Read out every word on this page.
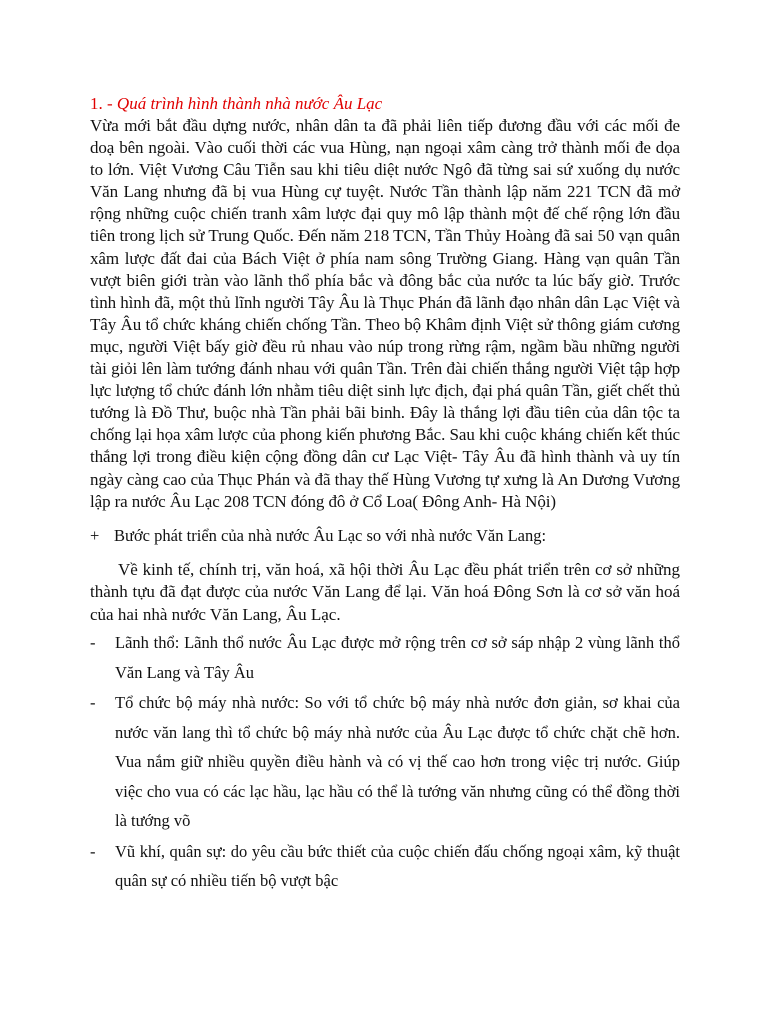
1. - Quá trình hình thành nhà nước Âu Lạc

Vừa mới bắt đầu dựng nước, nhân dân ta đã phải liên tiếp đương đầu với các mối đe doạ bên ngoài. Vào cuối thời các vua Hùng, nạn ngoại xâm càng trở thành mối đe dọa to lớn. Việt Vương Câu Tiễn sau khi tiêu diệt nước Ngô đã từng sai sứ xuống dụ nước Văn Lang nhưng đã bị vua Hùng cự tuyệt. Nước Tần thành lập năm 221 TCN đã mở rộng những cuộc chiến tranh xâm lược đại quy mô lập thành một đế chế rộng lớn đầu tiên trong lịch sử Trung Quốc. Đến năm 218 TCN, Tần Thủy Hoàng đã sai 50 vạn quân xâm lược đất đai của Bách Việt ở phía nam sông Trường Giang. Hàng vạn quân Tần vượt biên giới tràn vào lãnh thổ phía bắc và đông bắc của nước ta lúc bấy giờ. Trước tình hình đã, một thủ lĩnh người Tây Âu là Thục Phán đã lãnh đạo nhân dân Lạc Việt và Tây Âu tổ chức kháng chiến chống Tần. Theo bộ Khâm định Việt sử thông giám cương mục, người Việt bấy giờ đều rủ nhau vào núp trong rừng rậm, ngầm bầu những người tài giỏi lên làm tướng đánh nhau với quân Tần. Trên đài chiến thắng người Việt tập hợp lực lượng tổ chức đánh lớn nhằm tiêu diệt sinh lực địch, đại phá quân Tần, giết chết thủ tướng là Đồ Thư, buộc nhà Tần phải bãi binh. Đây là thắng lợi đầu tiên của dân tộc ta chống lại họa xâm lược của phong kiến phương Bắc. Sau khi cuộc kháng chiến kết thúc thắng lợi trong điều kiện cộng đồng dân cư Lạc Việt- Tây Âu đã hình thành và uy tín ngày càng cao của Thục Phán và đã thay thế Hùng Vương tự xưng là An Dương Vương lập ra nước Âu Lạc 208 TCN đóng đô ở Cổ Loa( Đông Anh- Hà Nội)

+ Bước phát triển của nhà nước Âu Lạc so với nhà nước Văn Lang:

Về kinh tế, chính trị, văn hoá, xã hội thời Âu Lạc đều phát triển trên cơ sở những thành tựu đã đạt được của nước Văn Lang để lại. Văn hoá Đông Sơn là cơ sở văn hoá của hai nhà nước Văn Lang, Âu Lạc.

-	Lãnh thổ: Lãnh thổ nước Âu Lạc được mở rộng trên cơ sở sáp nhập 2 vùng lãnh thổ Văn Lang và Tây Âu
-	Tổ chức bộ máy nhà nước: So với tổ chức bộ máy nhà nước đơn giản, sơ khai của nước văn lang thì tổ chức bộ máy nhà nước của Âu Lạc được tổ chức chặt chẽ hơn. Vua nắm giữ nhiều quyền điều hành và có vị thế cao hơn trong việc trị nước. Giúp việc cho vua có các lạc hầu, lạc hầu có thể là tướng văn nhưng cũng có thể đồng thời là tướng võ
-	Vũ khí, quân sự: do yêu cầu bức thiết của cuộc chiến đấu chống ngoại xâm, kỹ thuật quân sự có nhiều tiến bộ vượt bậc
